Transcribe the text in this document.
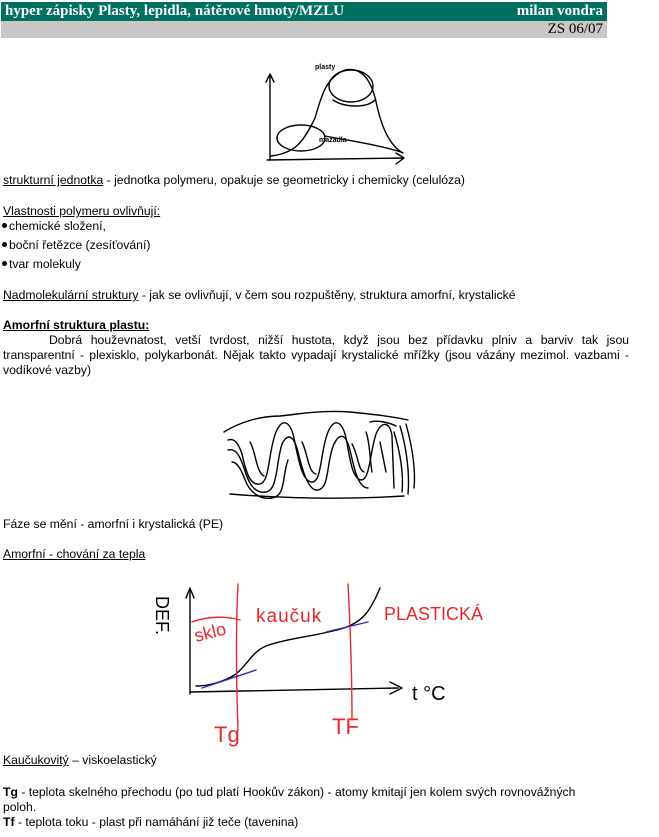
hyper zápisky Plasty, lepidla, nátěrové hmoty/MZLU	milan vondra
ZS 06/07
plasty
mazadla
strukturní jednotka - jednotka polymeru, opakuje se geometricky i chemicky (celulóza)
Vlastnosti polymeru ovlivňují:
chemické složení,
boční řetězce (zesíťování)
tvar molekuly
Nadmolekulární struktury - jak se ovlivňují, v čem sou rozpuštěny, struktura amorfní, krystalické
Amorfní struktura plastu:
Dobrá houževnatost, vetší tvrdost, nižší hustota, když jsou bez přídavku plniv a barviv tak jsou transparentní - plexisklo, polykarbonát. Nějak takto vypadají krystalické mřížky (jsou vázány mezimol. vazbami - vodíkové vazby)
Fáze se mění - amorfní i krystalická (PE)
Amorfní - chování za tepla
DEF. sklo
kaučuk	PLASTICKÁ
t °C
Tg	TF
Kaučukovitý – viskoelastický
Tg - teplota skelného přechodu (po tud platí Hookův zákon) - atomy kmitají jen kolem svých rovnovážných
poloh.
Tf - teplota toku - plast při namáhání již teče (tavenina)
